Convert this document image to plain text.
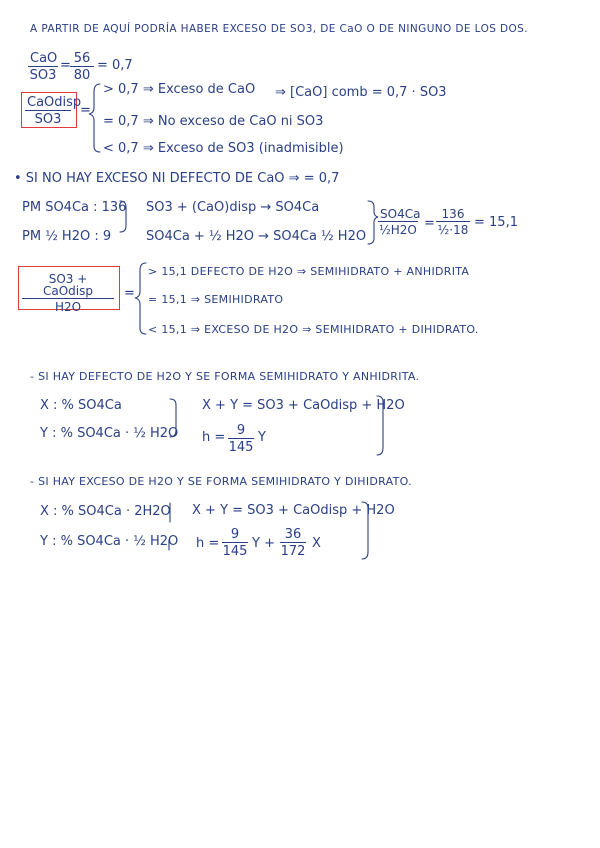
A PARTIR DE AQUÍ PODRÍA HABER EXCESO DE SO3, DE CaO O DE NINGUNO DE LOS DOS.
CaO
SO3
= $\frac{56}{80} = 0,7$
CaOdisp
SO3
=
> 0,7 ⇒ Exceso de CaO ⇒ [CaO] comb = 0,7 · SO3
= 0,7 ⇒ No exceso de CaO ni SO3
< 0,7 ⇒ Exceso de SO3 (inadmisible)
• SI NO HAY EXCESO NI DEFECTO DE CaO ⇒ = 0,7
PM SO4Ca : 136
PM ½ H2O : 9
SO3 + (CaO)disp → SO4Ca
SO4Ca + ½ H2O → SO4Ca ½ H2O
$\frac{SO4Ca}{\text{½H2O}} = \frac{136}{\text{½·18}} = 15,1$
SO3 + CaOdisp
H2O
=
> 15,1 DEFECTO DE H2O ⇒ SEMIHIDRATO + ANHIDRITA
= 15,1 ⇒ SEMIHIDRATO
< 15,1 ⇒ EXCESO DE H2O ⇒ SEMIHIDRATO + DIHIDRATO.
- SI HAY DEFECTO DE H2O Y SE FORMA SEMIHIDRATO Y ANHIDRITA.
X : % SO4Ca
Y : % SO4Ca · ½ H2O
X + Y = SO3 + CaOdisp + H2O
$h = \frac{9}{145}$ Y
- SI HAY EXCESO DE H2O Y SE FORMA SEMIHIDRATO Y DIHIDRATO.
X : % SO4Ca · 2H2O
Y : % SO4Ca · ½ H2O
X + Y = SO3 + CaOdisp + H2O
$h = \frac{9}{145}$ $Y + \frac{36}{172}$ X
